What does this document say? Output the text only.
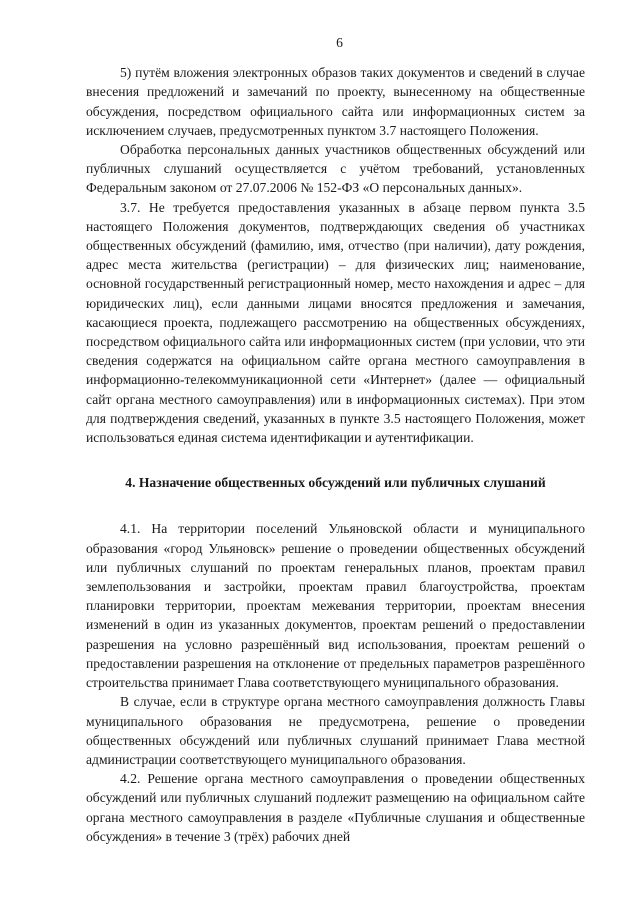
6

5) путём вложения электронных образов таких документов и сведений в случае внесения предложений и замечаний по проекту, вынесенному на общественные обсуждения, посредством официального сайта или информационных систем за исключением случаев, предусмотренных пунктом 3.7 настоящего Положения.

Обработка персональных данных участников общественных обсуждений или публичных слушаний осуществляется с учётом требований, установленных Федеральным законом от 27.07.2006 № 152-ФЗ «О персональных данных».

3.7. Не требуется предоставления указанных в абзаце первом пункта 3.5 настоящего Положения документов, подтверждающих сведения об участниках общественных обсуждений (фамилию, имя, отчество (при наличии), дату рождения, адрес места жительства (регистрации) – для физических лиц; наименование, основной государственный регистрационный номер, место нахождения и адрес – для юридических лиц), если данными лицами вносятся предложения и замечания, касающиеся проекта, подлежащего рассмотрению на общественных обсуждениях, посредством официального сайта или информационных систем (при условии, что эти сведения содержатся на официальном сайте органа местного самоуправления в информационно-телекоммуникационной сети «Интернет» (далее — официальный сайт органа местного самоуправления) или в информационных системах). При этом для подтверждения сведений, указанных в пункте 3.5 настоящего Положения, может использоваться единая система идентификации и аутентификации.

4. Назначение общественных обсуждений или публичных слушаний

4.1. На территории поселений Ульяновской области и муниципального образования «город Ульяновск» решение о проведении общественных обсуждений или публичных слушаний по проектам генеральных планов, проектам правил землепользования и застройки, проектам правил благоустройства, проектам планировки территории, проектам межевания территории, проектам внесения изменений в один из указанных документов, проектам решений о предоставлении разрешения на условно разрешённый вид использования, проектам решений о предоставлении разрешения на отклонение от предельных параметров разрешённого строительства принимает Глава соответствующего муниципального образования.

В случае, если в структуре органа местного самоуправления должность Главы муниципального образования не предусмотрена, решение о проведении общественных обсуждений или публичных слушаний принимает Глава местной администрации соответствующего муниципального образования.

4.2. Решение органа местного самоуправления о проведении общественных обсуждений или публичных слушаний подлежит размещению на официальном сайте органа местного самоуправления в разделе «Публичные слушания и общественные обсуждения» в течение 3 (трёх) рабочих дней
